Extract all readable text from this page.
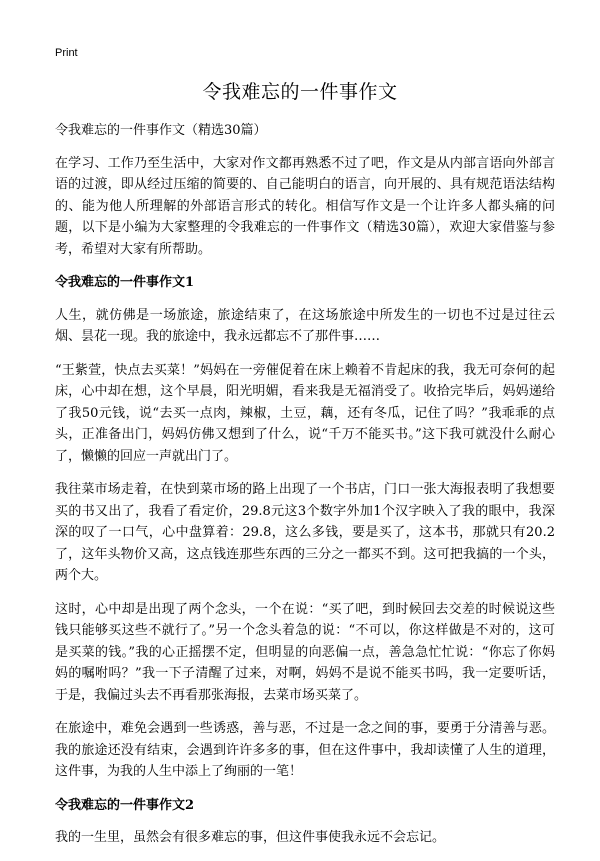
Print
令我难忘的一件事作文

令我难忘的一件事作文（精选30篇）

在学习、工作乃至生活中，大家对作文都再熟悉不过了吧，作文是从内部言语向外部言语的过渡，即从经过压缩的简要的、自己能明白的语言，向开展的、具有规范语法结构的、能为他人所理解的外部语言形式的转化。相信写作文是一个让许多人都头痛的问题，以下是小编为大家整理的令我难忘的一件事作文（精选30篇），欢迎大家借鉴与参考，希望对大家有所帮助。

令我难忘的一件事作文1

人生，就仿佛是一场旅途，旅途结束了，在这场旅途中所发生的一切也不过是过往云烟、昙花一现。我的旅途中，我永远都忘不了那件事……

“王紫萱，快点去买菜！”妈妈在一旁催促着在床上赖着不肯起床的我，我无可奈何的起床，心中却在想，这个早晨，阳光明媚，看来我是无福消受了。收拾完毕后，妈妈递给了我50元钱，说“去买一点肉，辣椒，土豆，藕，还有冬瓜，记住了吗？”我乖乖的点头，正准备出门，妈妈仿佛又想到了什么，说“千万不能买书。”这下我可就没什么耐心了，懒懒的回应一声就出门了。

我往菜市场走着，在快到菜市场的路上出现了一个书店，门口一张大海报表明了我想要买的书又出了，我看了看定价，29.8元这3个数字外加1个汉字映入了我的眼中，我深深的叹了一口气，心中盘算着：29.8，这么多钱，要是买了，这本书，那就只有20.2了，这年头物价又高，这点钱连那些东西的三分之一都买不到。这可把我搞的一个头，两个大。

这时，心中却是出现了两个念头，一个在说：“买了吧，到时候回去交差的时候说这些钱只能够买这些不就行了。”另一个念头着急的说：“不可以，你这样做是不对的，这可是买菜的钱。”我的心正摇摆不定，但明显的向恶偏一点，善急急忙忙说：“你忘了你妈妈的嘱咐吗？”我一下子清醒了过来，对啊，妈妈不是说不能买书吗，我一定要听话，于是，我偏过头去不再看那张海报，去菜市场买菜了。

在旅途中，难免会遇到一些诱惑，善与恶，不过是一念之间的事，要勇于分清善与恶。我的旅途还没有结束，会遇到许许多多的事，但在这件事中，我却读懂了人生的道理，这件事，为我的人生中添上了绚丽的一笔！

令我难忘的一件事作文2

我的一生里，虽然会有很多难忘的事，但这件事使我永远不会忘记。
